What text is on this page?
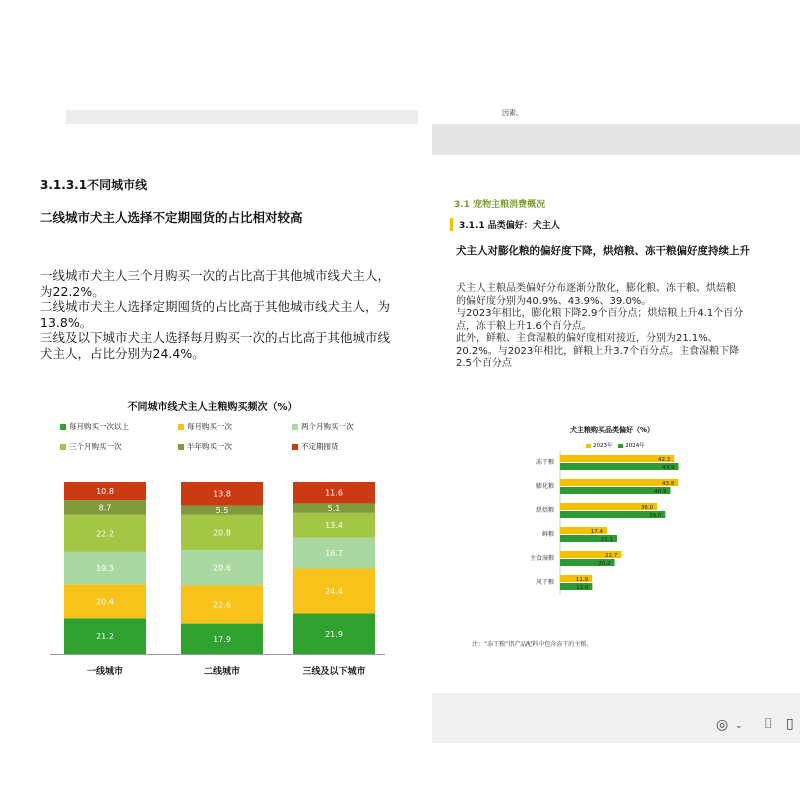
3.1.3.1不同城市线
二线城市犬主人选择不定期囤货的占比相对较高

一线城市犬主人三个月购买一次的占比高于其他城市线犬主人，
为22.2%。
二线城市犬主人选择定期囤货的占比高于其他城市线犬主人，为
13.8%。
三线及以下城市犬主人选择每月购买一次的占比高于其他城市线
犬主人，占比分别为24.4%。

不同城市线犬主人主粮购买频次（%）
每月购买一次以上	每月购买一次	两个月购买一次
三个月购买一次	半年购买一次	不定期囤货
21.2
20.4
19.3
22.2
8.7
10.8
一线城市
17.9
22.6
20.6
20.8
5.5
13.8
二线城市
21.9
24.4
16.7
13.4
5.1
11.6
三线及以下城市
因素。
3.1 宠物主粮消费概况
3.1.1 品类偏好：犬主人
犬主人对膨化粮的偏好度下降，烘焙粮、冻干粮偏好度持续上升

犬主人主粮品类偏好分布逐渐分散化，膨化粮、冻干粮、烘焙粮
的偏好度分别为40.9%、43.9%、39.0%。
与2023年相比，膨化粮下降2.9个百分点；烘焙粮上升4.1个百分
点，冻干粮上升1.6个百分点。
此外，鲜粮、主食湿粮的偏好度相对接近，分别为21.1%、
20.2%。与2023年相比，鲜粮上升3.7个百分点。主食湿粮下降
2.5个百分点

犬主粮购买品类偏好（%）
2023年 2024年
注：“冻干粮”指产品配料中包含冻干的主粮。
冻干粮	42.3
43.9
膨化粮	43.8
40.9
烘焙粮	36.0
39.0
鲜粮	17.4
21.1
主食湿粮	22.7
20.2
风干粮	11.9
12.0
◎ ⌄ ⌷ ▯
